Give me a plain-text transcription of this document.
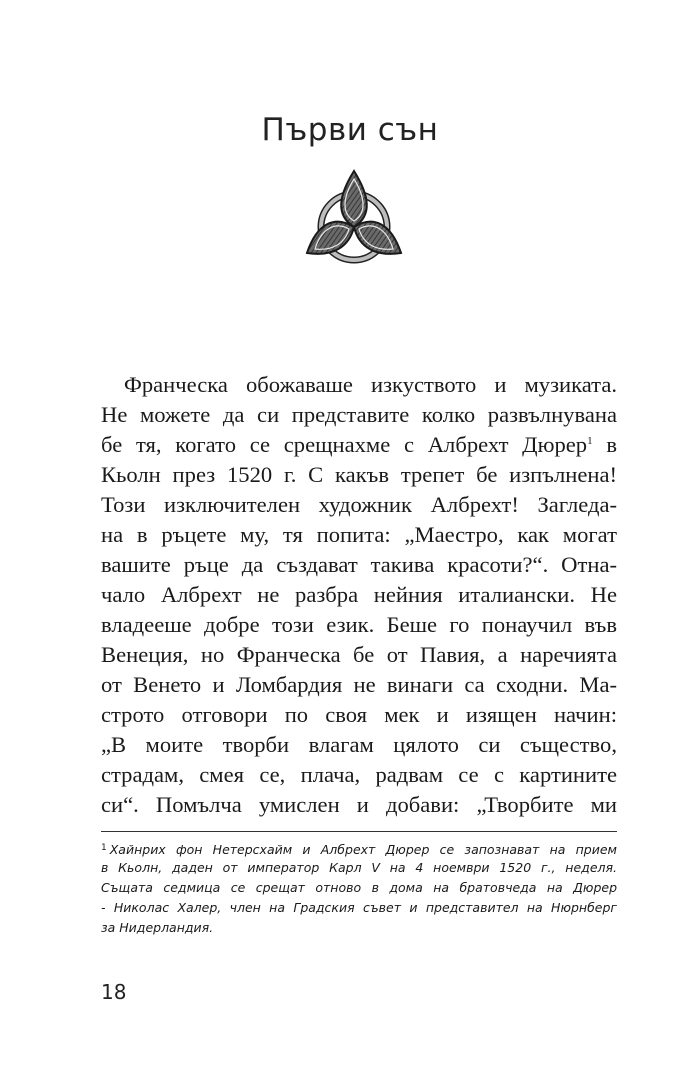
Първи сън
Франческа обожаваше изкуството и музиката.
Не можете да си представите колко развълнувана
бе тя, когато се срещнахме с Албрехт Дюрер$^1$ в
Кьолн през 1520 г. С какъв трепет бе изпълнена!
Този изключителен художник Албрехт! Загледа-
на в ръцете му, тя попита: „Маестро, как могат
вашите ръце да създават такива красоти?“. Отна-
чало Албрехт не разбра нейния италиански. Не
владееше добре този език. Беше го понаучил във
Венеция, но Франческа бе от Павия, а наречията
от Венето и Ломбардия не винаги са сходни. Ма-
строто отговори по своя мек и изящен начин:
„В моите творби влагам цялото си същество,
страдам, смея се, плача, радвам се с картините
си“. Помълча умислен и добави: „Творбите ми
$^1$ Хайнрих фон Нетерсхайм и Албрехт Дюрер се запознават на прием
в Кьолн, даден от император Карл V на 4 ноември 1520 г., неделя.
Същата седмица се срещат отново в дома на братовчеда на Дюрер
- Николас Халер, член на Градския съвет и представител на Нюрнберг
за Нидерландия.
18
